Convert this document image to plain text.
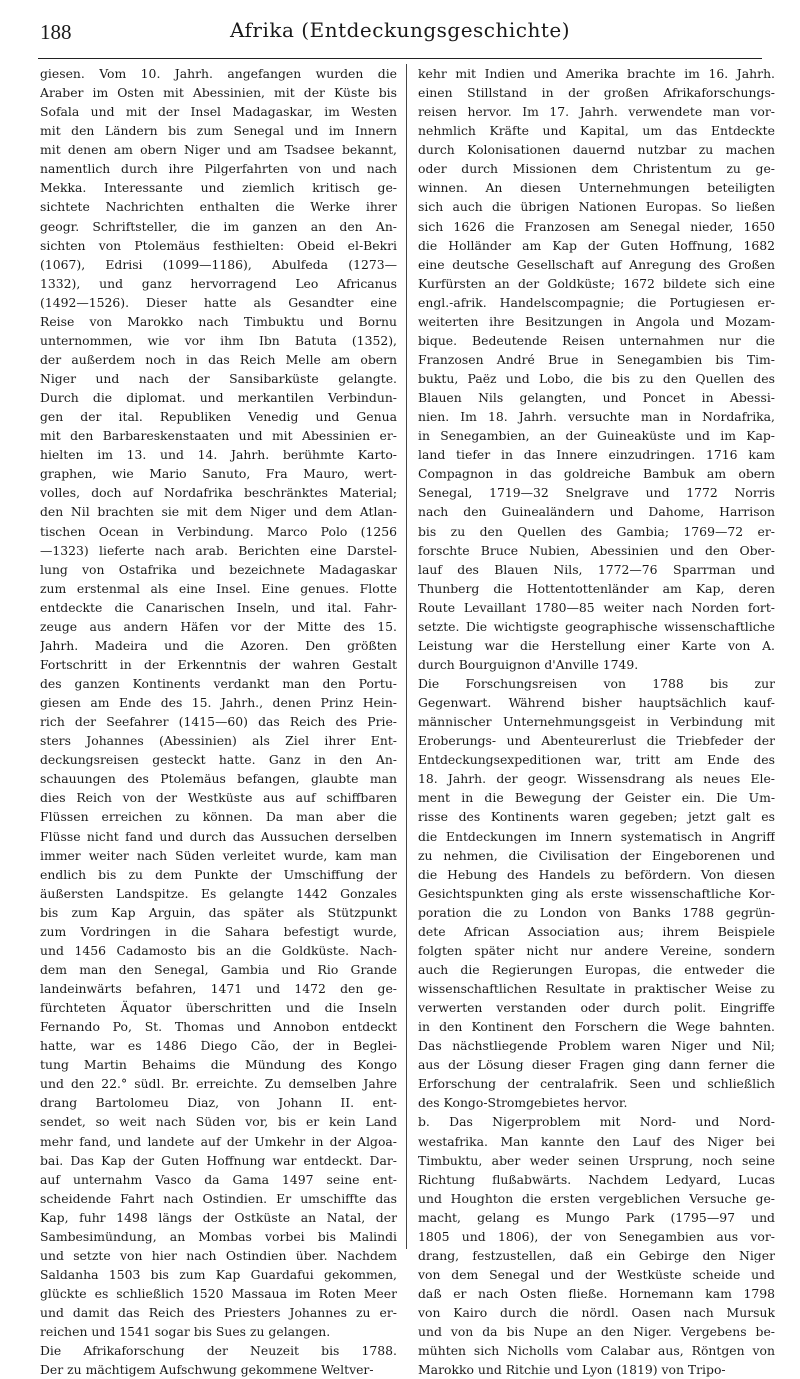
188	Afrika (Entdeckungsgeschichte)
giesen. Vom 10. Jahrh. angefangen wurden die
Araber im Osten mit Abessinien, mit der Küste bis
Sofala und mit der Insel Madagaskar, im Westen
mit den Ländern bis zum Senegal und im Innern
mit denen am obern Niger und am Tsadsee bekannt,
namentlich durch ihre Pilgerfahrten von und nach
Mekka. Interessante und ziemlich kritisch ge-
sichtete Nachrichten enthalten die Werke ihrer
geogr. Schriftsteller, die im ganzen an den An-
sichten von Ptolemäus festhielten: Obeid el-Bekri
(1067), Edrisi (1099—1186), Abulfeda (1273—
1332), und ganz hervorragend Leo Africanus
(1492—1526). Dieser hatte als Gesandter eine
Reise von Marokko nach Timbuktu und Bornu
unternommen, wie vor ihm Ibn Batuta (1352),
der außerdem noch in das Reich Melle am obern
Niger und nach der Sansibarküste gelangte.
Durch die diplomat. und merkantilen Verbindun-
gen der ital. Republiken Venedig und Genua
mit den Barbareskenstaaten und mit Abessinien er-
hielten im 13. und 14. Jahrh. berühmte Karto-
graphen, wie Mario Sanuto, Fra Mauro, wert-
volles, doch auf Nordafrika beschränktes Material;
den Nil brachten sie mit dem Niger und dem Atlan-
tischen Ocean in Verbindung. Marco Polo (1256
—1323) lieferte nach arab. Berichten eine Darstel-
lung von Ostafrika und bezeichnete Madagaskar
zum erstenmal als eine Insel. Eine genues. Flotte
entdeckte die Canarischen Inseln, und ital. Fahr-
zeuge aus andern Häfen vor der Mitte des 15.
Jahrh. Madeira und die Azoren. Den größten
Fortschritt in der Erkenntnis der wahren Gestalt
des ganzen Kontinents verdankt man den Portu-
giesen am Ende des 15. Jahrh., denen Prinz Hein-
rich der Seefahrer (1415—60) das Reich des Prie-
sters Johannes (Abessinien) als Ziel ihrer Ent-
deckungsreisen gesteckt hatte. Ganz in den An-
schauungen des Ptolemäus befangen, glaubte man
dies Reich von der Westküste aus auf schiffbaren
Flüssen erreichen zu können. Da man aber die
Flüsse nicht fand und durch das Aussuchen derselben
immer weiter nach Süden verleitet wurde, kam man
endlich bis zu dem Punkte der Umschiffung der
äußersten Landspitze. Es gelangte 1442 Gonzales
bis zum Kap Arguin, das später als Stützpunkt
zum Vordringen in die Sahara befestigt wurde,
und 1456 Cadamosto bis an die Goldküste. Nach-
dem man den Senegal, Gambia und Rio Grande
landeinwärts befahren, 1471 und 1472 den ge-
fürchteten Äquator überschritten und die Inseln
Fernando Po, St. Thomas und Annobon entdeckt
hatte, war es 1486 Diego Cão, der in Beglei-
tung Martin Behaims die Mündung des Kongo
und den 22.° südl. Br. erreichte. Zu demselben Jahre
drang Bartolomeu Diaz, von Johann II. ent-
sendet, so weit nach Süden vor, bis er kein Land
mehr fand, und landete auf der Umkehr in der Algoa-
bai. Das Kap der Guten Hoffnung war entdeckt. Dar-
auf unternahm Vasco da Gama 1497 seine ent-
scheidende Fahrt nach Ostindien. Er umschiffte das
Kap, fuhr 1498 längs der Ostküste an Natal, der
Sambesimündung, an Mombas vorbei bis Malindi
und setzte von hier nach Ostindien über. Nachdem
Saldanha 1503 bis zum Kap Guardafui gekommen,
glückte es schließlich 1520 Massaua im Roten Meer
und damit das Reich des Priesters Johannes zu er-
reichen und 1541 sogar bis Sues zu gelangen.
Die Afrikaforschung der Neuzeit bis 1788.
Der zu mächtigem Aufschwung gekommene Weltver-
kehr mit Indien und Amerika brachte im 16. Jahrh.
einen Stillstand in der großen Afrikaforschungs-
reisen hervor. Im 17. Jahrh. verwendete man vor-
nehmlich Kräfte und Kapital, um das Entdeckte
durch Kolonisationen dauernd nutzbar zu machen
oder durch Missionen dem Christentum zu ge-
winnen. An diesen Unternehmungen beteiligten
sich auch die übrigen Nationen Europas. So ließen
sich 1626 die Franzosen am Senegal nieder, 1650
die Holländer am Kap der Guten Hoffnung, 1682
eine deutsche Gesellschaft auf Anregung des Großen
Kurfürsten an der Goldküste; 1672 bildete sich eine
engl.-afrik. Handelscompagnie; die Portugiesen er-
weiterten ihre Besitzungen in Angola und Mozam-
bique. Bedeutende Reisen unternahmen nur die
Franzosen André Brue in Senegambien bis Tim-
buktu, Paëz und Lobo, die bis zu den Quellen des
Blauen Nils gelangten, und Poncet in Abessi-
nien. Im 18. Jahrh. versuchte man in Nordafrika,
in Senegambien, an der Guineaküste und im Kap-
land tiefer in das Innere einzudringen. 1716 kam
Compagnon in das goldreiche Bambuk am obern
Senegal, 1719—32 Snelgrave und 1772 Norris
nach den Guinealändern und Dahome, Harrison
bis zu den Quellen des Gambia; 1769—72 er-
forschte Bruce Nubien, Abessinien und den Ober-
lauf des Blauen Nils, 1772—76 Sparrman und
Thunberg die Hottentottenländer am Kap, deren
Route Levaillant 1780—85 weiter nach Norden fort-
setzte. Die wichtigste geographische wissenschaftliche
Leistung war die Herstellung einer Karte von A.
durch Bourguignon d'Anville 1749.
Die Forschungsreisen von 1788 bis zur
Gegenwart. Während bisher hauptsächlich kauf-
männischer Unternehmungsgeist in Verbindung mit
Eroberungs- und Abenteurerlust die Triebfeder der
Entdeckungsexpeditionen war, tritt am Ende des
18. Jahrh. der geogr. Wissensdrang als neues Ele-
ment in die Bewegung der Geister ein. Die Um-
risse des Kontinents waren gegeben; jetzt galt es
die Entdeckungen im Innern systematisch in Angriff
zu nehmen, die Civilisation der Eingeborenen und
die Hebung des Handels zu befördern. Von diesen
Gesichtspunkten ging als erste wissenschaftliche Kor-
poration die zu London von Banks 1788 gegrün-
dete African Association aus; ihrem Beispiele
folgten später nicht nur andere Vereine, sondern
auch die Regierungen Europas, die entweder die
wissenschaftlichen Resultate in praktischer Weise zu
verwerten verstanden oder durch polit. Eingriffe
in den Kontinent den Forschern die Wege bahnten.
Das nächstliegende Problem waren Niger und Nil;
aus der Lösung dieser Fragen ging dann ferner die
Erforschung der centralafrik. Seen und schließlich
des Kongo-Stromgebietes hervor.
b. Das Nigerproblem mit Nord- und Nord-
westafrika. Man kannte den Lauf des Niger bei
Timbuktu, aber weder seinen Ursprung, noch seine
Richtung flußabwärts. Nachdem Ledyard, Lucas
und Houghton die ersten vergeblichen Versuche ge-
macht, gelang es Mungo Park (1795—97 und
1805 und 1806), der von Senegambien aus vor-
drang, festzustellen, daß ein Gebirge den Niger
von dem Senegal und der Westküste scheide und
daß er nach Osten fließe. Hornemann kam 1798
von Kairo durch die nördl. Oasen nach Mursuk
und von da bis Nupe an den Niger. Vergebens be-
mühten sich Nicholls vom Calabar aus, Röntgen von
Marokko und Ritchie und Lyon (1819) von Tripo-
